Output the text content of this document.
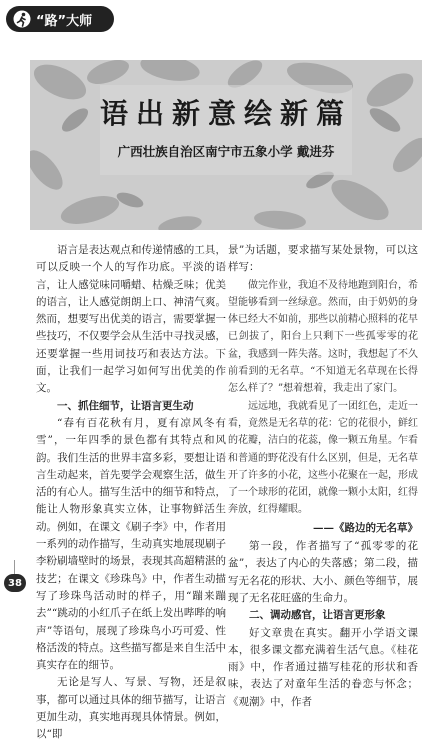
“路”大师
语出新意绘新篇
广西壮族自治区南宁市五象小学 戴进芬

语言是表达观点和传递情感的工具，可以反映一个人的写作功底。平淡的语言，让人感觉味同嚼蜡、枯燥乏味；优美的语言，让人感觉朗朗上口、神清气爽。然而，想要写出优美的语言，需要掌握一些技巧，不仅要学会从生活中寻找灵感，还要掌握一些用词技巧和表达方法。下面，让我们一起学习如何写出优美的作文。

一、抓住细节，让语言更生动

“春有百花秋有月，夏有凉风冬有雪”，一年四季的景色都有其特点和风韵。我们生活的世界丰富多彩，要想让语言生动起来，首先要学会观察生活，做生活的有心人。描写生活中的细节和特点，能让人物形象真实立体，让事物鲜活生动。例如，在课文《刷子李》中，作者用一系列的动作描写，生动真实地展现刷子李粉刷墙壁时的场景，表现其高超精湛的技艺；在课文《珍珠鸟》中，作者生动描写了珍珠鸟活动时的样子，用“蹦来蹦去”“跳动的小红爪子在纸上发出哔哔的响声”等语句，展现了珍珠鸟小巧可爱、性格活泼的特点。这些描写都是来自生活中真实存在的细节。

无论是写人、写景、写物，还是叙事，都可以通过具体的细节描写，让语言更加生动，真实地再现具体情景。例如，以“即

景”为话题，要求描写某处景物，可以这样写：

做完作业，我迫不及待地跑到阳台，希望能够看到一丝绿意。然而，由于奶奶的身体已经大不如前，那些以前精心照料的花早已剑拔了，阳台上只剩下一些孤零零的花盆，我感到一阵失落。这时，我想起了不久前看到的无名草。“不知道无名草现在长得怎么样了？”想着想着，我走出了家门。

远远地，我就看见了一团红色，走近一看，竟然是无名草的花：它的花很小，鲜红的花瓣，洁白的花蕊，像一颗五角星。乍看和普通的野花没有什么区别，但是，无名草开了许多的小花，这些小花聚在一起，形成了一个球形的花团，就像一颗小太阳，红得奔放，红得耀眼。

——《路边的无名草》

第一段，作者描写了“孤零零的花盆”，表达了内心的失落感；第二段，描写无名花的形状、大小、颜色等细节，展现了无名花旺盛的生命力。

二、调动感官，让语言更形象

好文章贵在真实。翻开小学语文课本，很多课文都充满着生活气息。《桂花雨》中，作者通过描写桂花的形状和香味，表达了对童年生活的眷恋与怀念；《观潮》中，作者

38
